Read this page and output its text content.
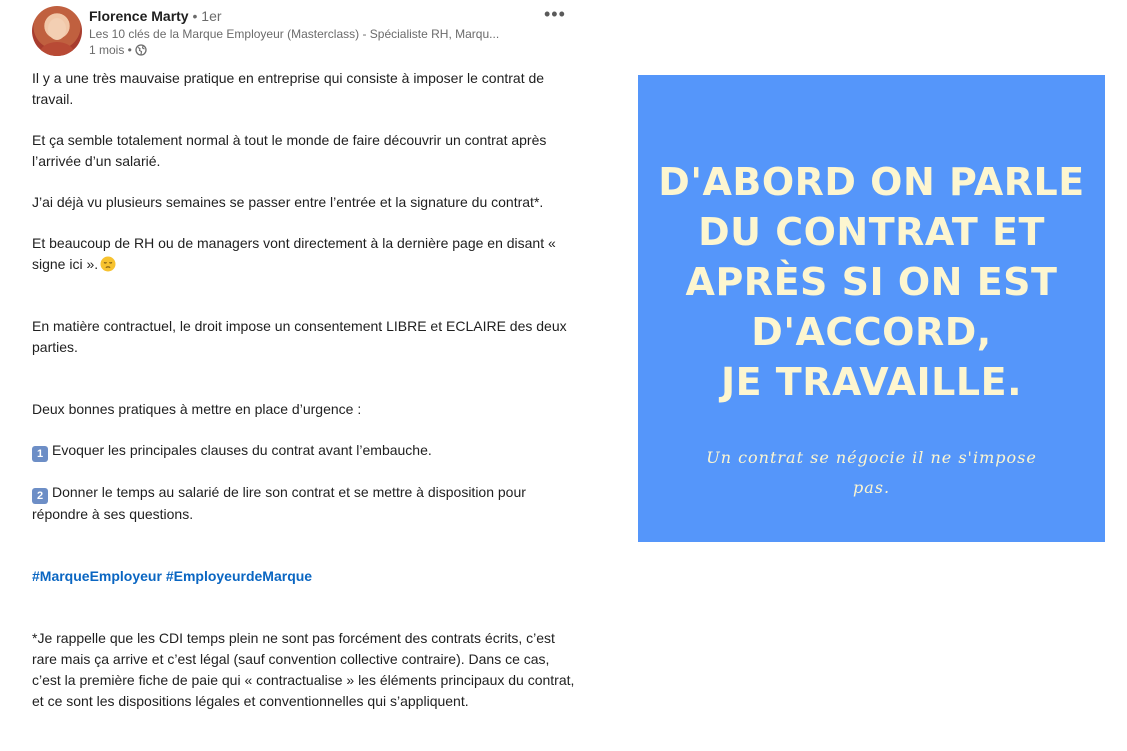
Florence Marty • 1er
Les 10 clés de la Marque Employeur (Masterclass) - Spécialiste RH, Marqu...
1 mois •
•••

Il y a une très mauvaise pratique en entreprise qui consiste à imposer le contrat de travail.

Et ça semble totalement normal à tout le monde de faire découvrir un contrat après l’arrivée d’un salarié.

J’ai déjà vu plusieurs semaines se passer entre l’entrée et la signature du contrat*.

Et beaucoup de RH ou de managers vont directement à la dernière page en disant « signe ici ».

En matière contractuel, le droit impose un consentement LIBRE et ECLAIRE des deux parties.

Deux bonnes pratiques à mettre en place d’urgence :

1 Evoquer les principales clauses du contrat avant l’embauche.

2 Donner le temps au salarié de lire son contrat et se mettre à disposition pour répondre à ses questions.

#MarqueEmployeur #EmployeurdeMarque

*Je rappelle que les CDI temps plein ne sont pas forcément des contrats écrits, c’est rare mais ça arrive et c’est légal (sauf convention collective contraire). Dans ce cas, c’est la première fiche de paie qui « contractualise » les éléments principaux du contrat, et ce sont les dispositions légales et conventionnelles qui s’appliquent.

D'ABORD ON PARLE
DU CONTRAT ET
APRÈS SI ON EST
D'ACCORD,
JE TRAVAILLE.
Un contrat se négocie il ne s'impose pas.
